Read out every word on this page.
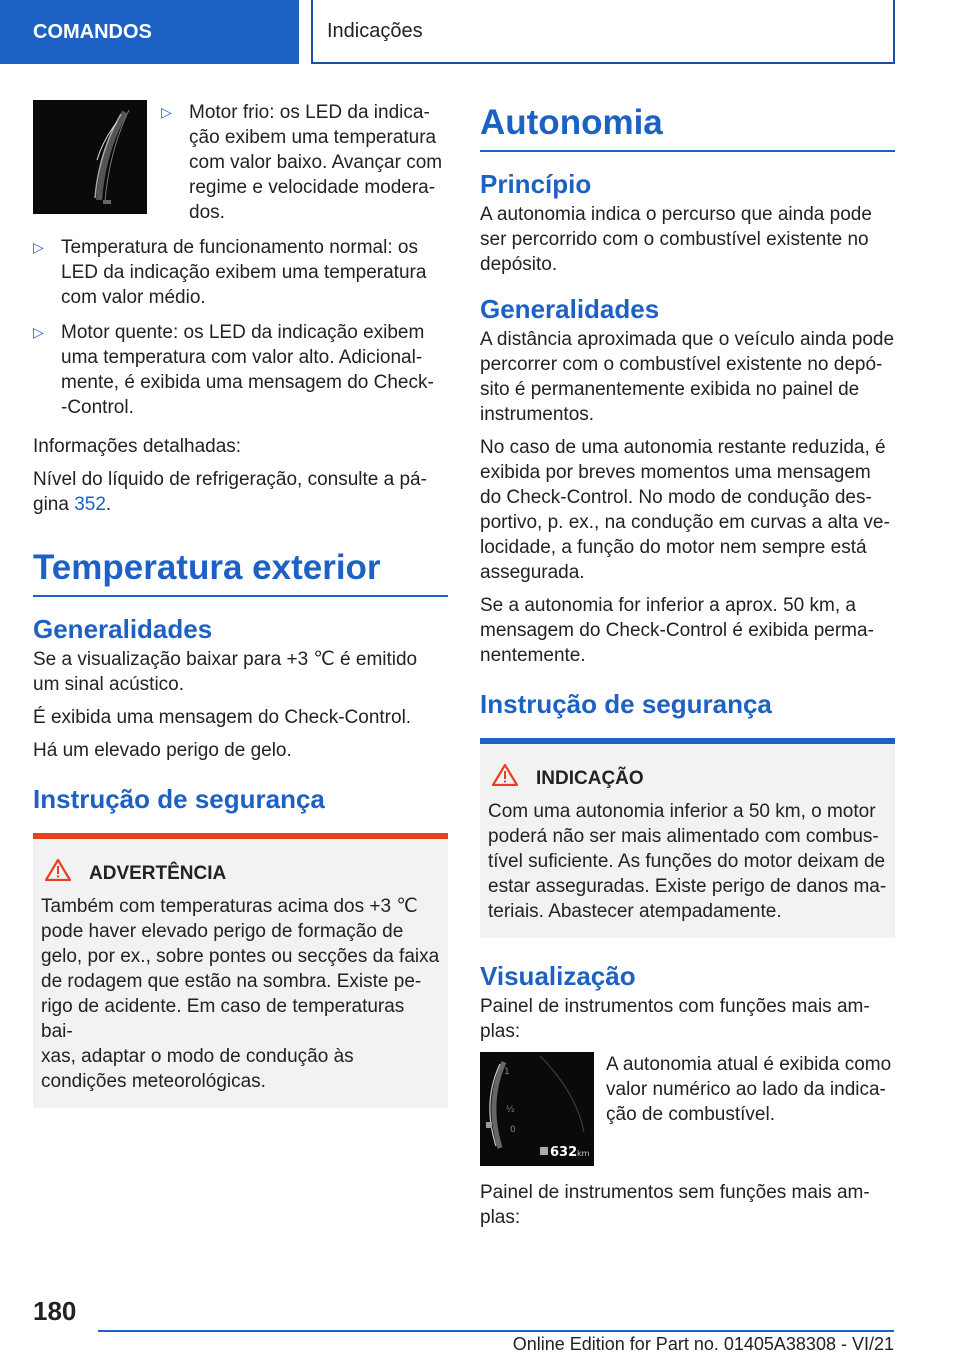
COMANDOS	Indicações
▷ Motor frio: os LED da indica-
ção exibem uma temperatura com valor baixo. Avançar com regime e velocidade modera-
dos.
▷ Temperatura de funcionamento normal: os LED da indicação exibem uma temperatura com valor médio.
▷ Motor quente: os LED da indicação exibem uma temperatura com valor alto. Adicional-
mente, é exibida uma mensagem do Check-
-Control.

Informações detalhadas:

Nível do líquido de refrigeração, consulte a pá-
gina 352.

Temperatura exterior
Generalidades

Se a visualização baixar para +3 ℃ é emitido um sinal acústico.

É exibida uma mensagem do Check-Control.

Há um elevado perigo de gelo.

Instrução de segurança
ADVERTÊNCIA

Também com temperaturas acima dos +3 ℃ pode haver elevado perigo de formação de gelo, por ex., sobre pontes ou secções da faixa de rodagem que estão na sombra. Existe pe-
rigo de acidente. Em caso de temperaturas bai-
xas, adaptar o modo de condução às condições meteorológicas.

Autonomia
Princípio

A autonomia indica o percurso que ainda pode ser percorrido com o combustível existente no depósito.

Generalidades

A distância aproximada que o veículo ainda pode percorrer com o combustível existente no depó-
sito é permanentemente exibida no painel de instrumentos.

No caso de uma autonomia restante reduzida, é exibida por breves momentos uma mensagem do Check-Control. No modo de condução des-
portivo, p. ex., na condução em curvas a alta ve-
locidade, a função do motor nem sempre está assegurada.

Se a autonomia for inferior a aprox. 50 km, a mensagem do Check-Control é exibida perma-
nentemente.

Instrução de segurança
INDICAÇÃO

Com uma autonomia inferior a 50 km, o motor poderá não ser mais alimentado com combus-
tível suficiente. As funções do motor deixam de estar asseguradas. Existe perigo de danos ma-
teriais. Abastecer atempadamente.

Visualização

Painel de instrumentos com funções mais am-
plas:

1
½
0
632 km

A autonomia atual é exibida como valor numérico ao lado da indica-
ção de combustível.

Painel de instrumentos sem funções mais am-
plas:

180
Online Edition for Part no. 01405A38308 - VI/21
